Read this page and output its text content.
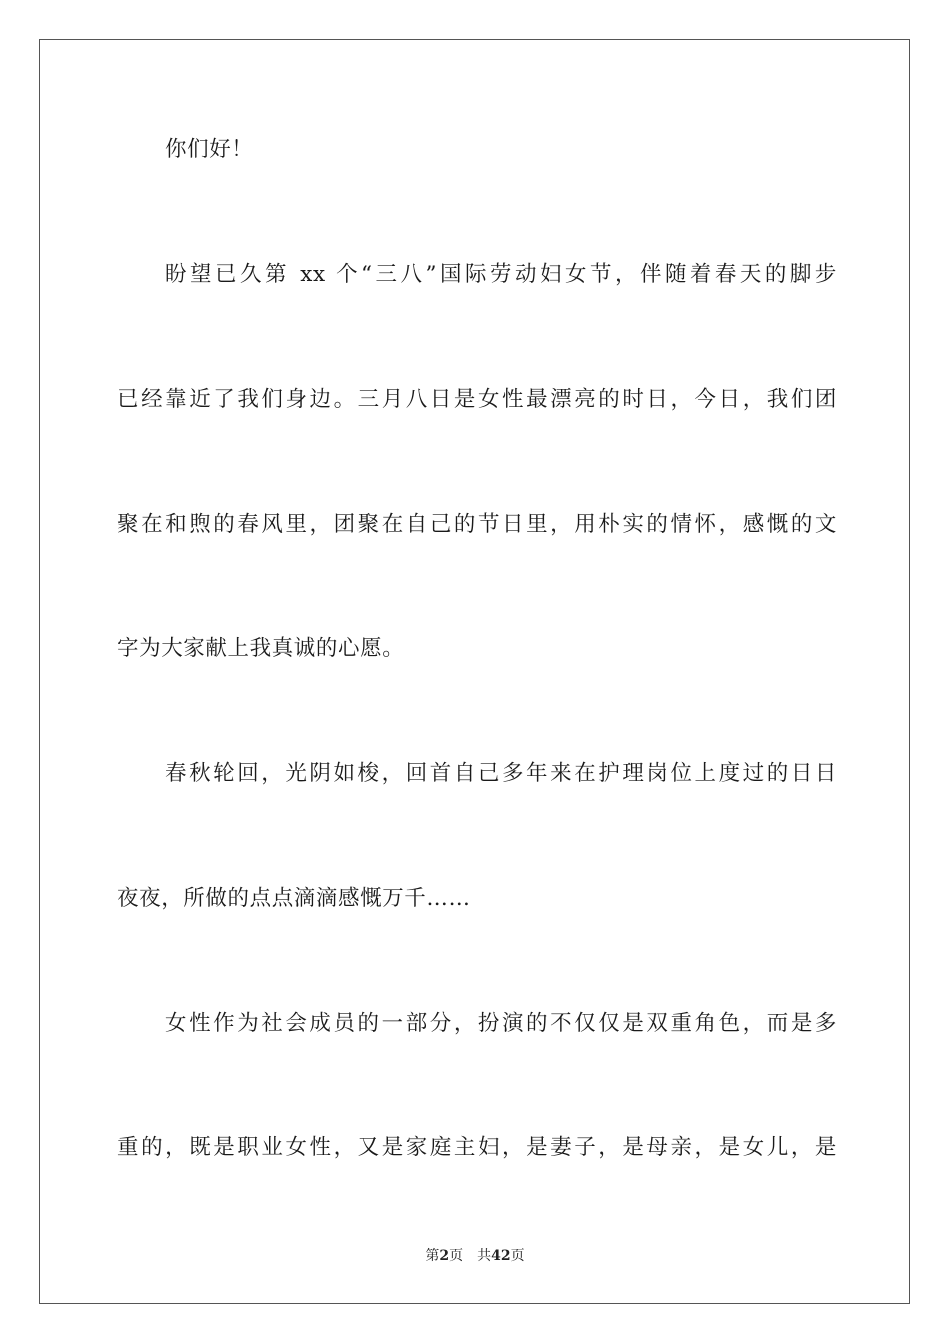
你们好！
盼望已久第 xx 个“三八”国际劳动妇女节，伴随着春天的脚步
已经靠近了我们身边。三月八日是女性最漂亮的时日，今日，我们团
聚在和煦的春风里，团聚在自己的节日里，用朴实的情怀，感慨的文
字为大家献上我真诚的心愿。
春秋轮回，光阴如梭，回首自己多年来在护理岗位上度过的日日
夜夜，所做的点点滴滴感慨万千……
女性作为社会成员的一部分，扮演的不仅仅是双重角色，而是多
重的，既是职业女性，又是家庭主妇，是妻子，是母亲，是女儿，是
第2页 共42页
